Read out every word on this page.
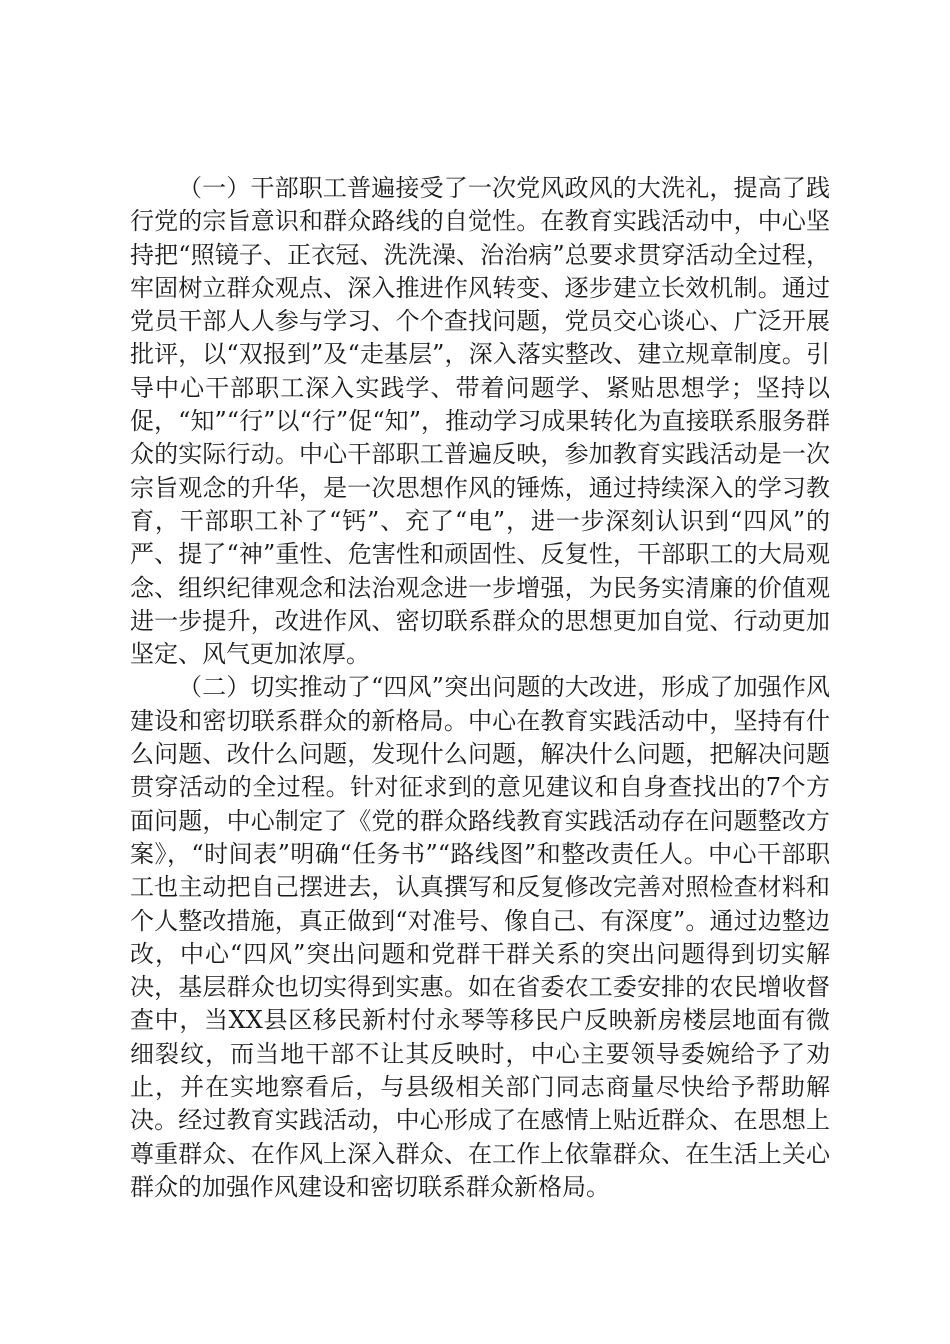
（一）干部职工普遍接受了一次党风政风的大洗礼，提高了践行党的宗旨意识和群众路线的自觉性。在教育实践活动中，中心坚持把“照镜子、正衣冠、洗洗澡、治治病”总要求贯穿活动全过程，牢固树立群众观点、深入推进作风转变、逐步建立长效机制。通过党员干部人人参与学习、个个查找问题，党员交心谈心、广泛开展批评，以“双报到”及“走基层”，深入落实整改、建立规章制度。引导中心干部职工深入实践学、带着问题学、紧贴思想学；坚持以促，“知”“行”以“行”促“知”，推动学习成果转化为直接联系服务群众的实际行动。中心干部职工普遍反映，参加教育实践活动是一次宗旨观念的升华，是一次思想作风的锤炼，通过持续深入的学习教育，干部职工补了“钙”、充了“电”，进一步深刻认识到“四风”的严、提了“神”重性、危害性和顽固性、反复性，干部职工的大局观念、组织纪律观念和法治观念进一步增强，为民务实清廉的价值观进一步提升，改进作风、密切联系群众的思想更加自觉、行动更加坚定、风气更加浓厚。

（二）切实推动了“四风”突出问题的大改进，形成了加强作风建设和密切联系群众的新格局。中心在教育实践活动中，坚持有什么问题、改什么问题，发现什么问题，解决什么问题，把解决问题贯穿活动的全过程。针对征求到的意见建议和自身查找出的7个方面问题，中心制定了《党的群众路线教育实践活动存在问题整改方案》，“时间表”明确“任务书”“路线图”和整改责任人。中心干部职工也主动把自己摆进去，认真撰写和反复修改完善对照检查材料和个人整改措施，真正做到“对准号、像自己、有深度”。通过边整边改，中心“四风”突出问题和党群干群关系的突出问题得到切实解决，基层群众也切实得到实惠。如在省委农工委安排的农民增收督查中，当XX县区移民新村付永琴等移民户反映新房楼层地面有微细裂纹，而当地干部不让其反映时，中心主要领导委婉给予了劝止，并在实地察看后，与县级相关部门同志商量尽快给予帮助解决。经过教育实践活动，中心形成了在感情上贴近群众、在思想上尊重群众、在作风上深入群众、在工作上依靠群众、在生活上关心群众的加强作风建设和密切联系群众新格局。
